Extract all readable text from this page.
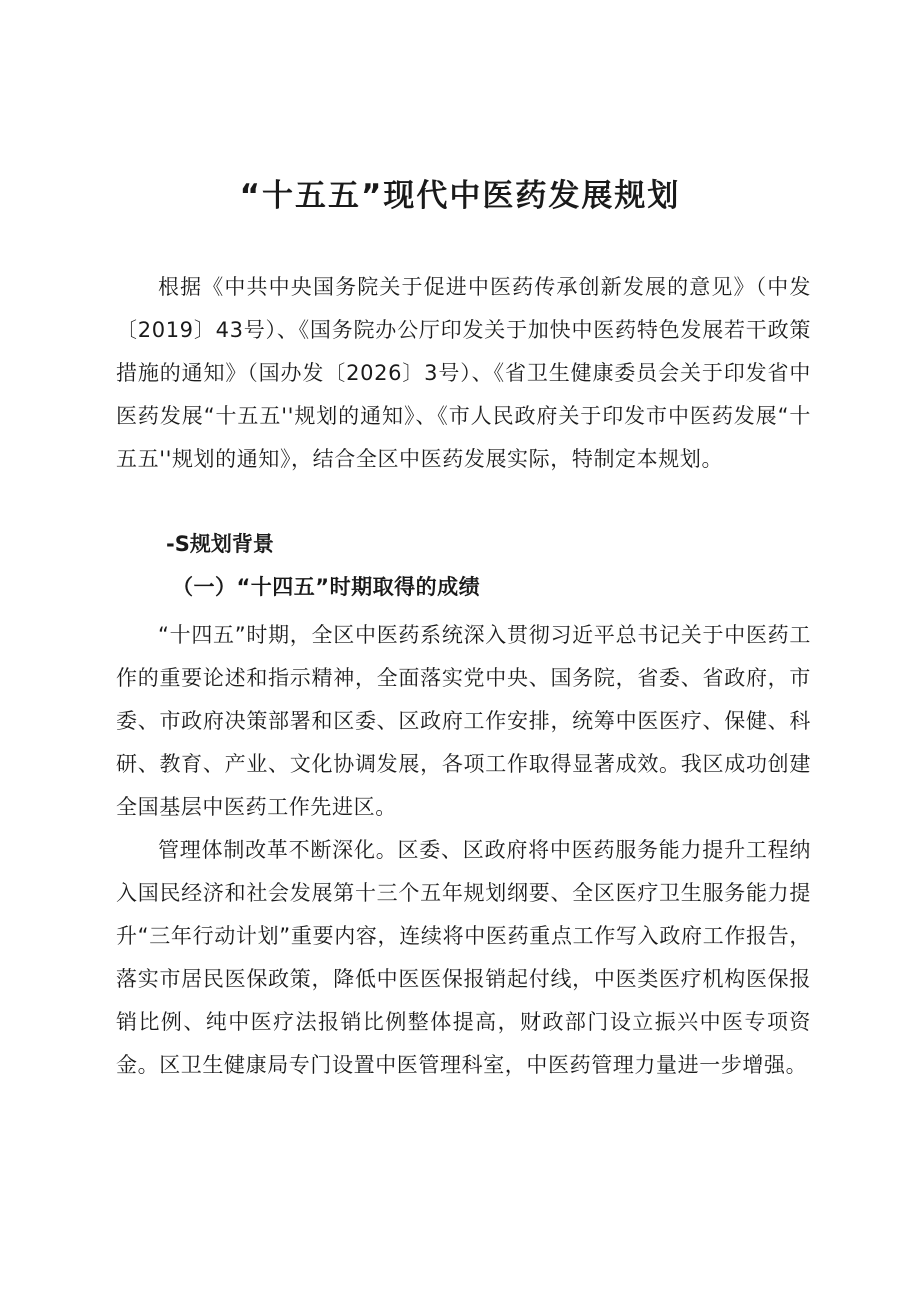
“十五五”现代中医药发展规划

根据《中共中央国务院关于促进中医药传承创新发展的意见》（中发〔2019〕43号）、《国务院办公厅印发关于加快中医药特色发展若干政策措施的通知》（国办发〔2026〕3号）、《省卫生健康委员会关于印发省中医药发展“十五五''规划的通知》、《市人民政府关于印发市中医药发展“十五五''规划的通知》，结合全区中医药发展实际，特制定本规划。

-S规划背景
（一）“十四五”时期取得的成绩

“十四五”时期，全区中医药系统深入贯彻习近平总书记关于中医药工作的重要论述和指示精神，全面落实党中央、国务院，省委、省政府，市委、市政府决策部署和区委、区政府工作安排，统筹中医医疗、保健、科研、教育、产业、文化协调发展，各项工作取得显著成效。我区成功创建全国基层中医药工作先进区。

管理体制改革不断深化。区委、区政府将中医药服务能力提升工程纳入国民经济和社会发展第十三个五年规划纲要、全区医疗卫生服务能力提升“三年行动计划”重要内容，连续将中医药重点工作写入政府工作报告，落实市居民医保政策，降低中医医保报销起付线，中医类医疗机构医保报销比例、纯中医疗法报销比例整体提高，财政部门设立振兴中医专项资金。区卫生健康局专门设置中医管理科室，中医药管理力量进一步增强。
